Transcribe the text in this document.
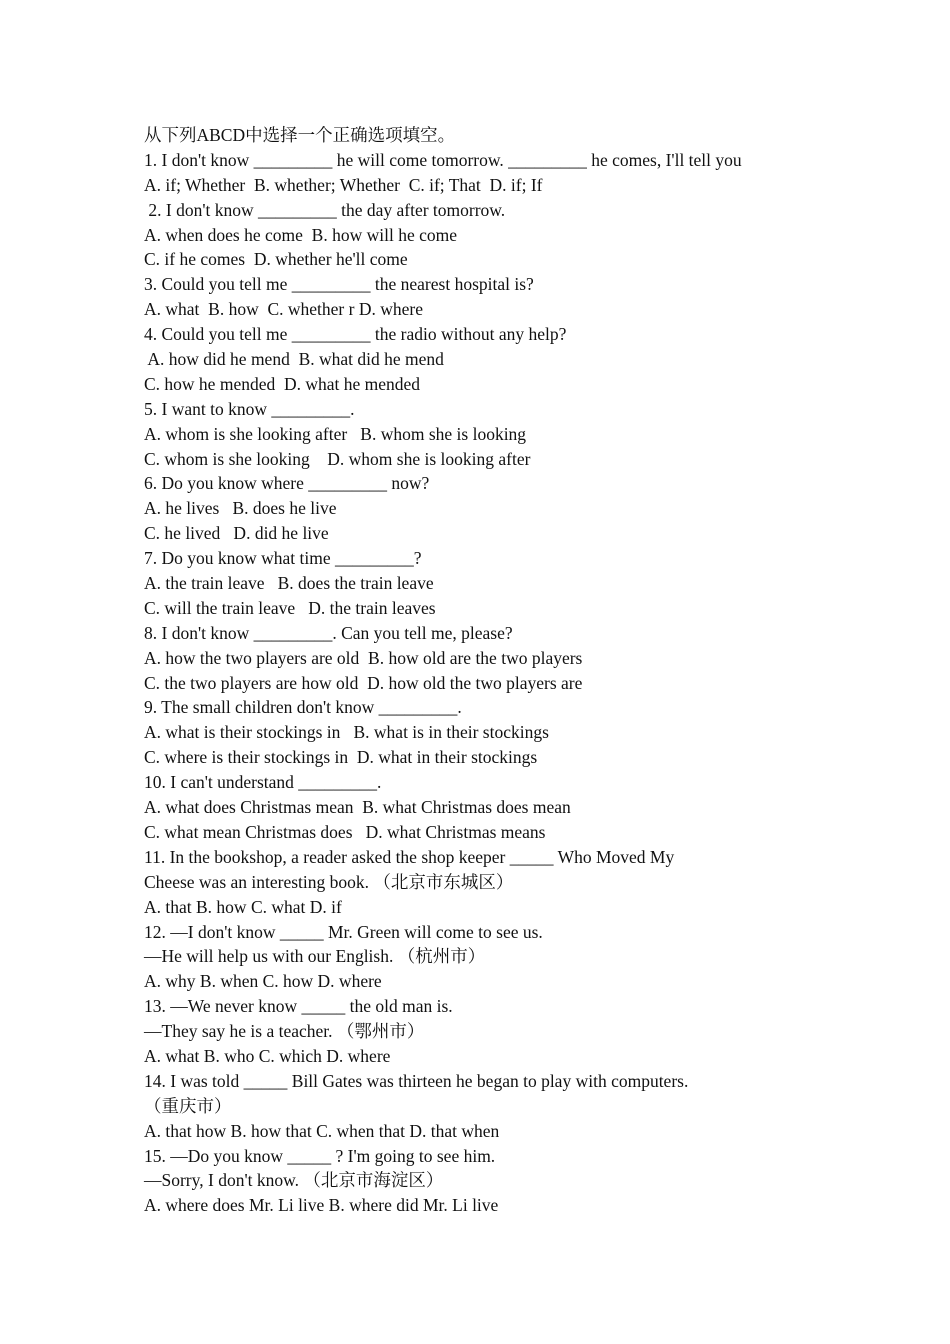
从下列ABCD中选择一个正确选项填空。

1. I don't know _________ he will come tomorrow. _________ he comes, I'll tell you

A. if; Whether  B. whether; Whether  C. if; That  D. if; If

2. I don't know _________ the day after tomorrow.

A. when does he come  B. how will he come

C. if he comes  D. whether he'll come

3. Could you tell me _________ the nearest hospital is?

A. what  B. how  C. whether r D. where

4. Could you tell me _________ the radio without any help?

A. how did he mend  B. what did he mend

C. how he mended  D. what he mended

5. I want to know _________.

A. whom is she looking after   B. whom she is looking

C. whom is she looking    D. whom she is looking after

6. Do you know where _________ now?

A. he lives   B. does he live

C. he lived   D. did he live

7. Do you know what time _________?

A. the train leave   B. does the train leave

C. will the train leave   D. the train leaves

8. I don't know _________. Can you tell me, please?

A. how the two players are old  B. how old are the two players

C. the two players are how old  D. how old the two players are

9. The small children don't know _________.

A. what is their stockings in   B. what is in their stockings

C. where is their stockings in  D. what in their stockings

10. I can't understand _________.

A. what does Christmas mean  B. what Christmas does mean

C. what mean Christmas does   D. what Christmas means

11. In the bookshop, a reader asked the shop keeper _____ Who Moved My

Cheese was an interesting book. （北京市东城区）

A. that B. how C. what D. if

12. —I don't know _____ Mr. Green will come to see us.

—He will help us with our English. （杭州市）

A. why B. when C. how D. where

13. —We never know _____ the old man is.

—They say he is a teacher. （鄂州市）

A. what B. who C. which D. where

14. I was told _____ Bill Gates was thirteen he began to play with computers.

（重庆市）

A. that how B. how that C. when that D. that when

15. —Do you know _____ ? I'm going to see him.

—Sorry, I don't know. （北京市海淀区）

A. where does Mr. Li live B. where did Mr. Li live
